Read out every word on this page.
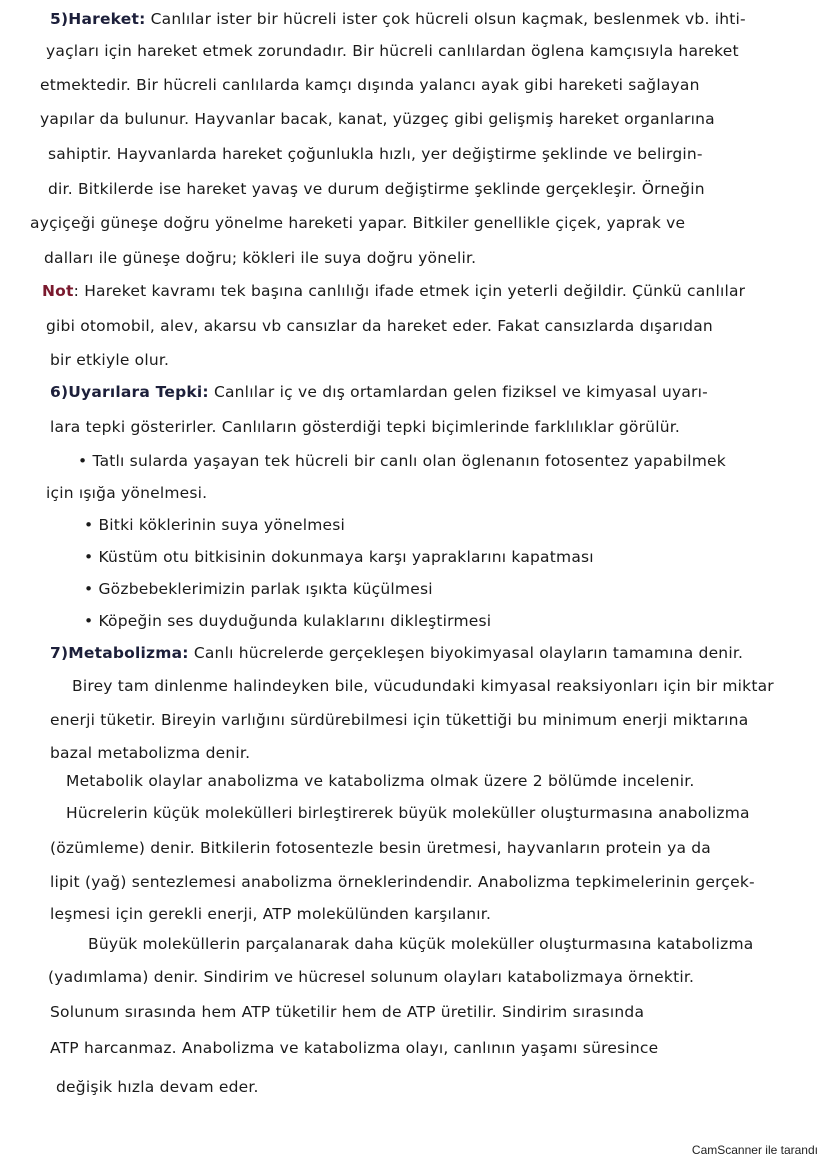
5)Hareket: Canlılar ister bir hücreli ister çok hücreli olsun kaçmak, beslenmek vb. ihti-
yaçları için hareket etmek zorundadır. Bir hücreli canlılardan öglena kamçısıyla hareket
etmektedir. Bir hücreli canlılarda kamçı dışında yalancı ayak gibi hareketi sağlayan
yapılar da bulunur. Hayvanlar bacak, kanat, yüzgeç gibi gelişmiş hareket organlarına
sahiptir. Hayvanlarda hareket çoğunlukla hızlı, yer değiştirme şeklinde ve belirgin-
dir. Bitkilerde ise hareket yavaş ve durum değiştirme şeklinde gerçekleşir. Örneğin
ayçiçeği güneşe doğru yönelme hareketi yapar. Bitkiler genellikle çiçek, yaprak ve
dalları ile güneşe doğru; kökleri ile suya doğru yönelir.
Not: Hareket kavramı tek başına canlılığı ifade etmek için yeterli değildir. Çünkü canlılar
gibi otomobil, alev, akarsu vb cansızlar da hareket eder. Fakat cansızlarda dışarıdan
bir etkiyle olur.
6)Uyarılara Tepki: Canlılar iç ve dış ortamlardan gelen fiziksel ve kimyasal uyarı-
lara tepki gösterirler. Canlıların gösterdiği tepki biçimlerinde farklılıklar görülür.
• Tatlı sularda yaşayan tek hücreli bir canlı olan öglenanın fotosentez yapabilmek
için ışığa yönelmesi.
• Bitki köklerinin suya yönelmesi
• Küstüm otu bitkisinin dokunmaya karşı yapraklarını kapatması
• Gözbebeklerimizin parlak ışıkta küçülmesi
• Köpeğin ses duyduğunda kulaklarını dikleştirmesi
7)Metabolizma: Canlı hücrelerde gerçekleşen biyokimyasal olayların tamamına denir.
Birey tam dinlenme halindeyken bile, vücudundaki kimyasal reaksiyonları için bir miktar
enerji tüketir. Bireyin varlığını sürdürebilmesi için tükettiği bu minimum enerji miktarına
bazal metabolizma denir.
Metabolik olaylar anabolizma ve katabolizma olmak üzere 2 bölümde incelenir.
Hücrelerin küçük molekülleri birleştirerek büyük moleküller oluşturmasına anabolizma
(özümleme) denir. Bitkilerin fotosentezle besin üretmesi, hayvanların protein ya da
lipit (yağ) sentezlemesi anabolizma örneklerindendir. Anabolizma tepkimelerinin gerçek-
leşmesi için gerekli enerji, ATP molekülünden karşılanır.
Büyük moleküllerin parçalanarak daha küçük moleküller oluşturmasına katabolizma
(yadımlama) denir. Sindirim ve hücresel solunum olayları katabolizmaya örnektir.
Solunum sırasında hem ATP tüketilir hem de ATP üretilir. Sindirim sırasında
ATP harcanmaz. Anabolizma ve katabolizma olayı, canlının yaşamı süresince
değişik hızla devam eder.
CamScanner ile tarandı
